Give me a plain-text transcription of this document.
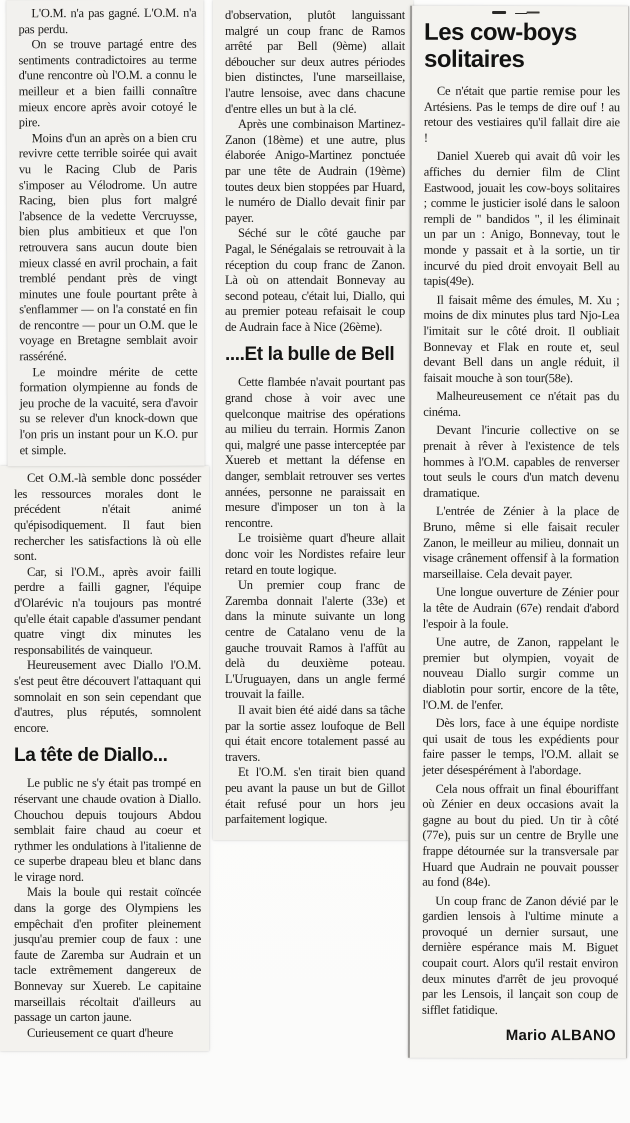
L'O.M. n'a pas gagné. L'O.M. n'a pas perdu.

On se trouve partagé entre des sentiments contradictoires au terme d'une rencontre où l'O.M. a connu le meilleur et a bien failli connaître mieux encore après avoir cotoyé le pire.

Moins d'un an après on a bien cru revivre cette terrible soirée qui avait vu le Racing Club de Paris s'imposer au Vélodrome. Un autre Racing, bien plus fort malgré l'absence de la vedette Vercruysse, bien plus ambitieux et que l'on retrouvera sans aucun doute bien mieux classé en avril prochain, a fait tremblé pendant près de vingt minutes une foule pourtant prête à s'enflammer — on l'a constaté en fin de rencontre — pour un O.M. que le voyage en Bretagne semblait avoir rasséréné.

Le moindre mérite de cette formation olympienne au fonds de jeu proche de la vacuité, sera d'avoir su se relever d'un knock-down que l'on pris un instant pour un K.O. pur et simple.

Cet O.M.-là semble donc posséder les ressources morales dont le précédent n'était animé qu'épisodiquement. Il faut bien rechercher les satisfactions là où elle sont.

Car, si l'O.M., après avoir failli perdre a failli gagner, l'équipe d'Olarévic n'a toujours pas montré qu'elle était capable d'assumer pendant quatre vingt dix minutes les responsabilités de vainqueur.

Heureusement avec Diallo l'O.M. s'est peut être découvert l'attaquant qui somnolait en son sein cependant que d'autres, plus réputés, somnolent encore.

La tête de Diallo...

Le public ne s'y était pas trompé en réservant une chaude ovation à Diallo. Chouchou depuis toujours Abdou semblait faire chaud au coeur et rythmer les ondulations à l'italienne de ce superbe drapeau bleu et blanc dans le virage nord.

Mais la boule qui restait coïncée dans la gorge des Olympiens les empêchait d'en profiter pleinement jusqu'au premier coup de faux : une faute de Zaremba sur Audrain et un tacle extrêmement dangereux de Bonnevay sur Xuereb. Le capitaine marseillais récoltait d'ailleurs au passage un carton jaune.

Curieusement ce quart d'heure

d'observation, plutôt languissant malgré un coup franc de Ramos arrêté par Bell (9ème) allait déboucher sur deux autres périodes bien distinctes, l'une marseillaise, l'autre lensoise, avec dans chacune d'entre elles un but à la clé.

Après une combinaison Martinez-Zanon (18ème) et une autre, plus élaborée Anigo-Martinez ponctuée par une tête de Audrain (19ème) toutes deux bien stoppées par Huard, le numéro de Diallo devait finir par payer.

Séché sur le côté gauche par Pagal, le Sénégalais se retrouvait à la réception du coup franc de Zanon. Là où on attendait Bonnevay au second poteau, c'était lui, Diallo, qui au premier poteau refaisait le coup de Audrain face à Nice (26ème).

....Et la bulle de Bell

Cette flambée n'avait pourtant pas grand chose à voir avec une quelconque maitrise des opérations au milieu du terrain. Hormis Zanon qui, malgré une passe interceptée par Xuereb et mettant la défense en danger, semblait retrouver ses vertes années, personne ne paraissait en mesure d'imposer un ton à la rencontre.

Le troisième quart d'heure allait donc voir les Nordistes refaire leur retard en toute logique.

Un premier coup franc de Zaremba donnait l'alerte (33e) et dans la minute suivante un long centre de Catalano venu de la gauche trouvait Ramos à l'affût au delà du deuxième poteau. L'Uruguayen, dans un angle fermé trouvait la faille.

Il avait bien été aidé dans sa tâche par la sortie assez loufoque de Bell qui était encore totalement passé au travers.

Et l'O.M. s'en tirait bien quand peu avant la pause un but de Gillot était refusé pour un hors jeu parfaitement logique.

Les cow-boys solitaires

Ce n'était que partie remise pour les Artésiens. Pas le temps de dire ouf ! au retour des vestiaires qu'il fallait dire aie !

Daniel Xuereb qui avait dû voir les affiches du dernier film de Clint Eastwood, jouait les cow-boys solitaires ; comme le justicier isolé dans le saloon rempli de " bandidos ", il les éliminait un par un : Anigo, Bonnevay, tout le monde y passait et à la sortie, un tir incurvé du pied droit envoyait Bell au tapis(49e).

Il faisait même des émules, M. Xu ; moins de dix minutes plus tard Njo-Lea l'imitait sur le côté droit. Il oubliait Bonnevay et Flak en route et, seul devant Bell dans un angle réduit, il faisait mouche à son tour(58e).

Malheureusement ce n'était pas du cinéma.

Devant l'incurie collective on se prenait à rêver à l'existence de tels hommes à l'O.M. capables de renverser tout seuls le cours d'un match devenu dramatique.

L'entrée de Zénier à la place de Bruno, même si elle faisait reculer Zanon, le meilleur au milieu, donnait un visage crânement offensif à la formation marseillaise. Cela devait payer.

Une longue ouverture de Zénier pour la tête de Audrain (67e) rendait d'abord l'espoir à la foule.

Une autre, de Zanon, rappelant le premier but olympien, voyait de nouveau Diallo surgir comme un diablotin pour sortir, encore de la tête, l'O.M. de l'enfer.

Dès lors, face à une équipe nordiste qui usait de tous les expédients pour faire passer le temps, l'O.M. allait se jeter désespérément à l'abordage.

Cela nous offrait un final ébouriffant où Zénier en deux occasions avait la gagne au bout du pied. Un tir à côté (77e), puis sur un centre de Brylle une frappe détournée sur la transversale par Huard que Audrain ne pouvait pousser au fond (84e).

Un coup franc de Zanon dévié par le gardien lensois à l'ultime minute a provoqué un dernier sursaut, une dernière espérance mais M. Biguet coupait court. Alors qu'il restait environ deux minutes d'arrêt de jeu provoqué par les Lensois, il lançait son coup de sifflet fatidique.

Mario ALBANO
